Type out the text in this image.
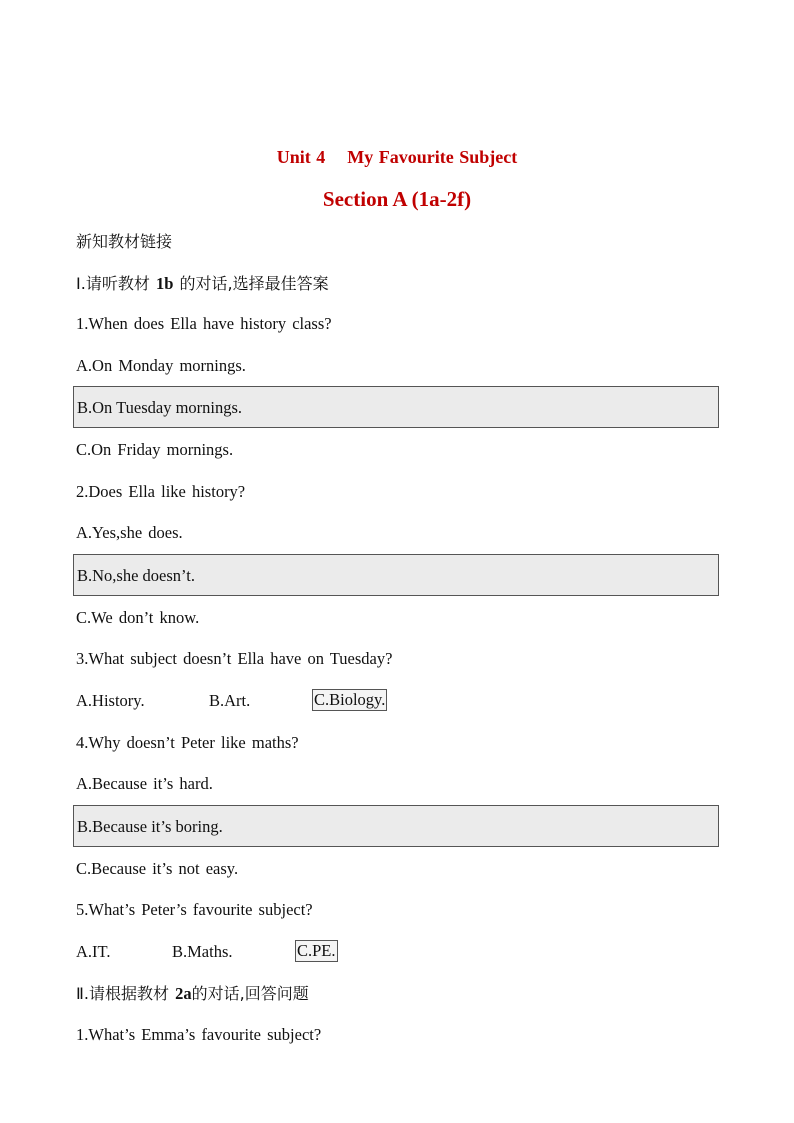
Unit 4    My Favourite Subject
Section A (1a-2f)
新知教材链接
Ⅰ.请听教材 1b 的对话,选择最佳答案
1.When does Ella have history class?
A.On Monday mornings.
B.On Tuesday mornings.
C.On Friday mornings.
2.Does Ella like history?
A.Yes,she does.
B.No,she doesn’t.
C.We don’t know.
3.What subject doesn’t Ella have on Tuesday?
A.History.	B.Art.	C.Biology.
4.Why doesn’t Peter like maths?
A.Because it’s hard.
B.Because it’s boring.
C.Because it’s not easy.
5.What’s Peter’s favourite subject?
A.IT.	B.Maths.	C.PE.
Ⅱ.请根据教材 2a的对话,回答问题
1.What’s Emma’s favourite subject?
